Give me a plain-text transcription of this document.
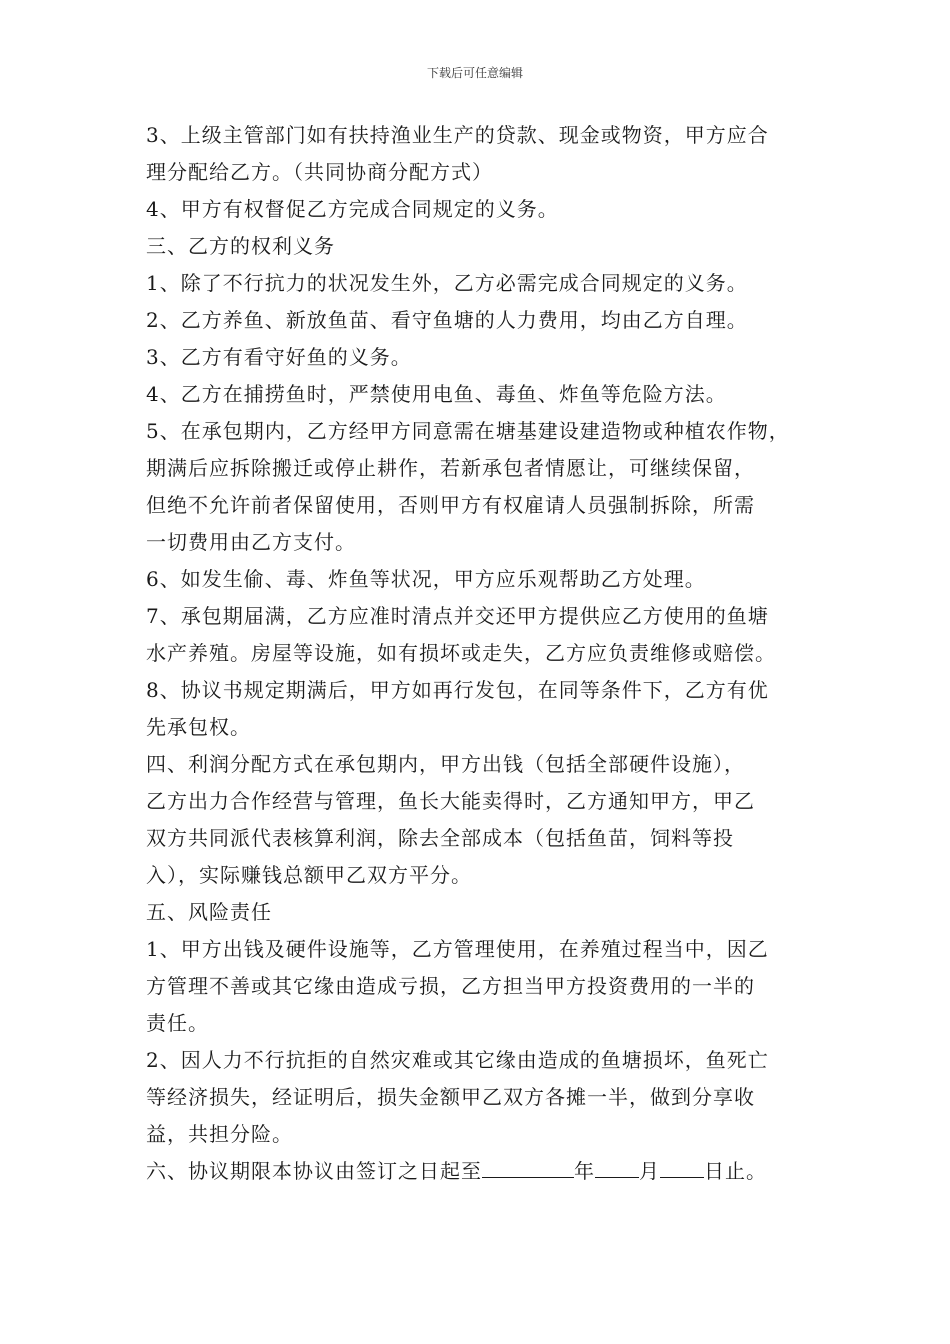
下载后可任意编辑
3、上级主管部门如有扶持渔业生产的贷款、现金或物资，甲方应合
理分配给乙方。（共同协商分配方式）
4、甲方有权督促乙方完成合同规定的义务。
三、乙方的权利义务
1、除了不行抗力的状况发生外，乙方必需完成合同规定的义务。
2、乙方养鱼、新放鱼苗、看守鱼塘的人力费用，均由乙方自理。
3、乙方有看守好鱼的义务。
4、乙方在捕捞鱼时，严禁使用电鱼、毒鱼、炸鱼等危险方法。
5、在承包期内，乙方经甲方同意需在塘基建设建造物或种植农作物，
期满后应拆除搬迁或停止耕作，若新承包者情愿让，可继续保留，
但绝不允许前者保留使用，否则甲方有权雇请人员强制拆除，所需
一切费用由乙方支付。
6、如发生偷、毒、炸鱼等状况，甲方应乐观帮助乙方处理。
7、承包期届满，乙方应准时清点并交还甲方提供应乙方使用的鱼塘
水产养殖。房屋等设施，如有损坏或走失，乙方应负责维修或赔偿。
8、协议书规定期满后，甲方如再行发包，在同等条件下，乙方有优
先承包权。
四、利润分配方式在承包期内，甲方出钱（包括全部硬件设施），
乙方出力合作经营与管理，鱼长大能卖得时，乙方通知甲方，甲乙
双方共同派代表核算利润，除去全部成本（包括鱼苗，饲料等投
入），实际赚钱总额甲乙双方平分。
五、风险责任
1、甲方出钱及硬件设施等，乙方管理使用，在养殖过程当中，因乙
方管理不善或其它缘由造成亏损，乙方担当甲方投资费用的一半的
责任。
2、因人力不行抗拒的自然灾难或其它缘由造成的鱼塘损坏，鱼死亡
等经济损失，经证明后，损失金额甲乙双方各摊一半，做到分享收
益，共担分险。
六、协议期限本协议由签订之日起至	年 月 日止。
